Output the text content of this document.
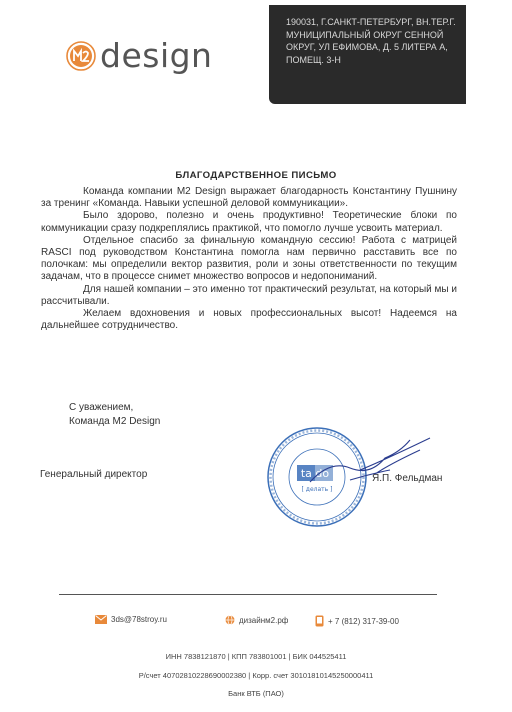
design
190031, Г.САНКТ-ПЕТЕРБУРГ, ВН.ТЕР.Г. МУНИЦИПАЛЬНЫЙ ОКРУГ СЕННОЙ ОКРУГ, УЛ ЕФИМОВА, Д. 5 ЛИТЕРА А, ПОМЕЩ. 3-Н
БЛАГОДАРСТВЕННОЕ ПИСЬМО

Команда компании M2 Design выражает благодарность Константину Пушнину за тренинг «Команда. Навыки успешной деловой коммуникации».

Было здорово, полезно и очень продуктивно! Теоретические блоки по коммуникации сразу подкреплялись практикой, что помогло лучше усвоить материал.

Отдельное спасибо за финальную командную сессию! Работа с матрицей RASCI под руководством Константина помогла нам первично расставить все по полочкам: мы определили вектор развития, роли и зоны ответственности по текущим задачам, что в процессе снимет множество вопросов и недопониманий.

Для нашей компании – это именно тот практический результат, на который мы и рассчитывали.

Желаем вдохновения и новых профессиональных высот! Надеемся на дальнейшее сотрудничество.

С уважением,
Команда M2 Design
ta do
[ делать ]
Генеральный директор	Я.П. Фельдман
3ds@78stroy.ru	дизайнм2.рф	+ 7 (812) 317-39-00
ИНН 7838121870 | КПП 783801001 | БИК 044525411
Р/счет 40702810228690002380 | Корр. счет 30101810145250000411
Банк ВТБ (ПАО)
